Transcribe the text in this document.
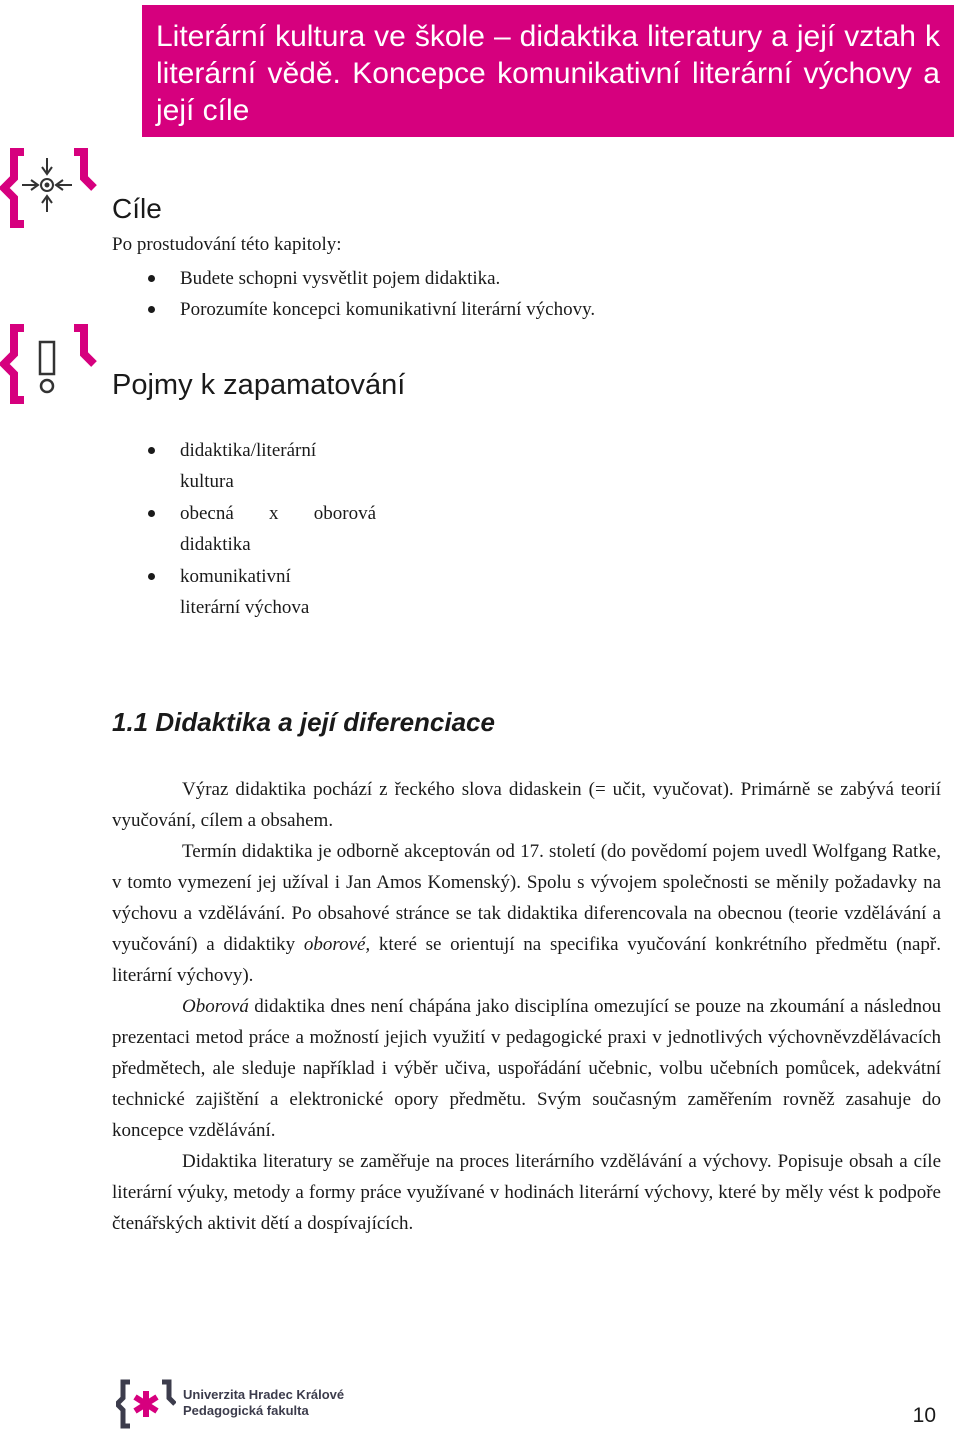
Literární kultura ve škole – didaktika literatury a její vztah k literární vědě. Koncepce komunikativní literární výchovy a její cíle
Cíle
Po prostudování této kapitoly:
Budete schopni vysvětlit pojem didaktika.
Porozumíte koncepci komunikativní literární výchovy.
Pojmy k zapamatování
didaktika/literární
kultura
obecná x oborová
didaktika
komunikativní
literární výchova
1.1 Didaktika a její diferenciace

Výraz didaktika pochází z řeckého slova didaskein (= učit, vyučovat). Primárně se zabývá teorií vyučování, cílem a obsahem.

Termín didaktika je odborně akceptován od 17. století (do povědomí pojem uvedl Wolfgang Ratke, v tomto vymezení jej užíval i Jan Amos Komenský). Spolu s vývojem společnosti se měnily požadavky na výchovu a vzdělávání. Po obsahové stránce se tak didaktika diferencovala na obecnou (teorie vzdělávání a vyučování) a didaktiky oborové, které se orientují na specifika vyučování konkrétního předmětu (např. literární výchovy).

Oborová didaktika dnes není chápána jako disciplína omezující se pouze na zkoumání a následnou prezentaci metod práce a možností jejich využití v pedagogické praxi v jednotlivých výchovněvzdělávacích předmětech, ale sleduje například i výběr učiva, uspořádání učebnic, volbu učebních pomůcek, adekvátní technické zajištění a elektronické opory předmětu. Svým současným zaměřením rovněž zasahuje do koncepce vzdělávání.

Didaktika literatury se zaměřuje na proces literárního vzdělávání a výchovy. Popisuje obsah a cíle literární výuky, metody a formy práce využívané v hodinách literární výchovy, které by měly vést k podpoře čtenářských aktivit dětí a dospívajících.

Univerzita Hradec Králové
Pedagogická fakulta	10
